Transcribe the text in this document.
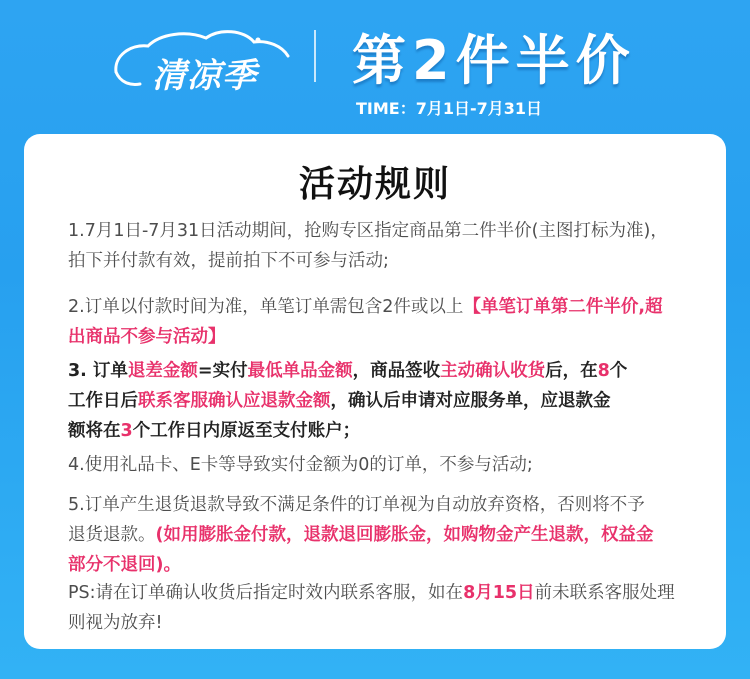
清凉季 第2件半价
TIME：7月1日-7月31日
活动规则
1.7月1日-7月31日活动期间，抢购专区指定商品第二件半价(主图打标为准)，
拍下并付款有效，提前拍下不可参与活动;
2.订单以付款时间为准，单笔订单需包含2件或以上【单笔订单第二件半价,超
出商品不参与活动】
3. 订单退差金额=实付最低单品金额，商品签收主动确认收货后，在8个
工作日后联系客服确认应退款金额，确认后申请对应服务单，应退款金
额将在3个工作日内原返至支付账户；
4.使用礼品卡、E卡等导致实付金额为0的订单，不参与活动;
5.订单产生退货退款导致不满足条件的订单视为自动放弃资格，否则将不予
退货退款。(如用膨胀金付款，退款退回膨胀金，如购物金产生退款，权益金
部分不退回)。
PS:请在订单确认收货后指定时效内联系客服，如在8月15日前未联系客服处理
则视为放弃!
